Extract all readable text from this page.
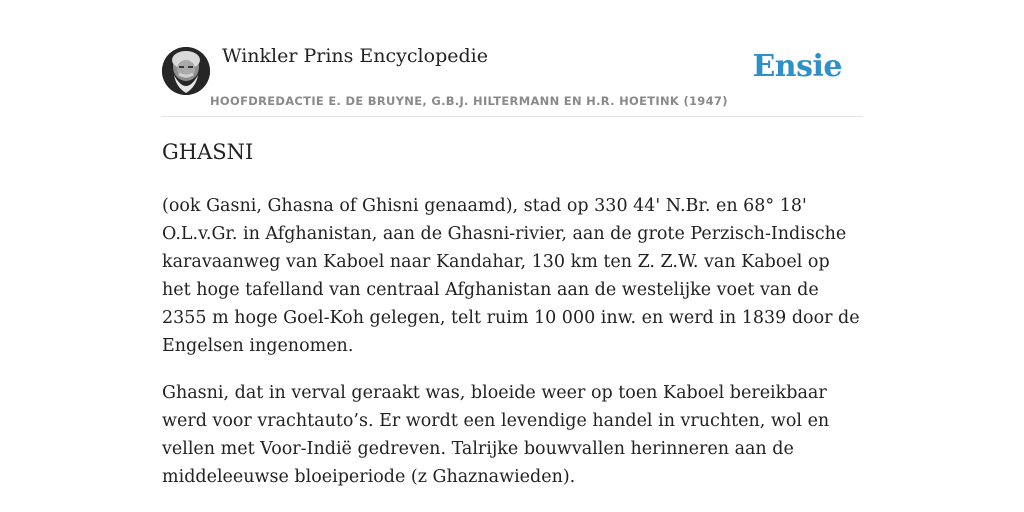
Winkler Prins Encyclopedie
HOOFDREDACTIE E. DE BRUYNE, G.B.J. HILTERMANN EN H.R. HOETINK (1947)
Ensie
GHASNI

(ook Gasni, Ghasna of Ghisni genaamd), stad op 330 44' N.Br. en 68° 18' O.L.v.Gr. in Afghanistan, aan de Ghasni-rivier, aan de grote Perzisch-Indische karavaanweg van Kaboel naar Kandahar, 130 km ten Z. Z.W. van Kaboel op het hoge tafelland van centraal Afghanistan aan de westelijke voet van de 2355 m hoge Goel-Koh gelegen, telt ruim 10 000 inw. en werd in 1839 door de Engelsen ingenomen.

Ghasni, dat in verval geraakt was, bloeide weer op toen Kaboel bereikbaar werd voor vrachtauto’s. Er wordt een levendige handel in vruchten, wol en vellen met Voor-Indië gedreven. Talrijke bouwvallen herinneren aan de middeleeuwse bloeiperiode (z Ghaznawieden).
